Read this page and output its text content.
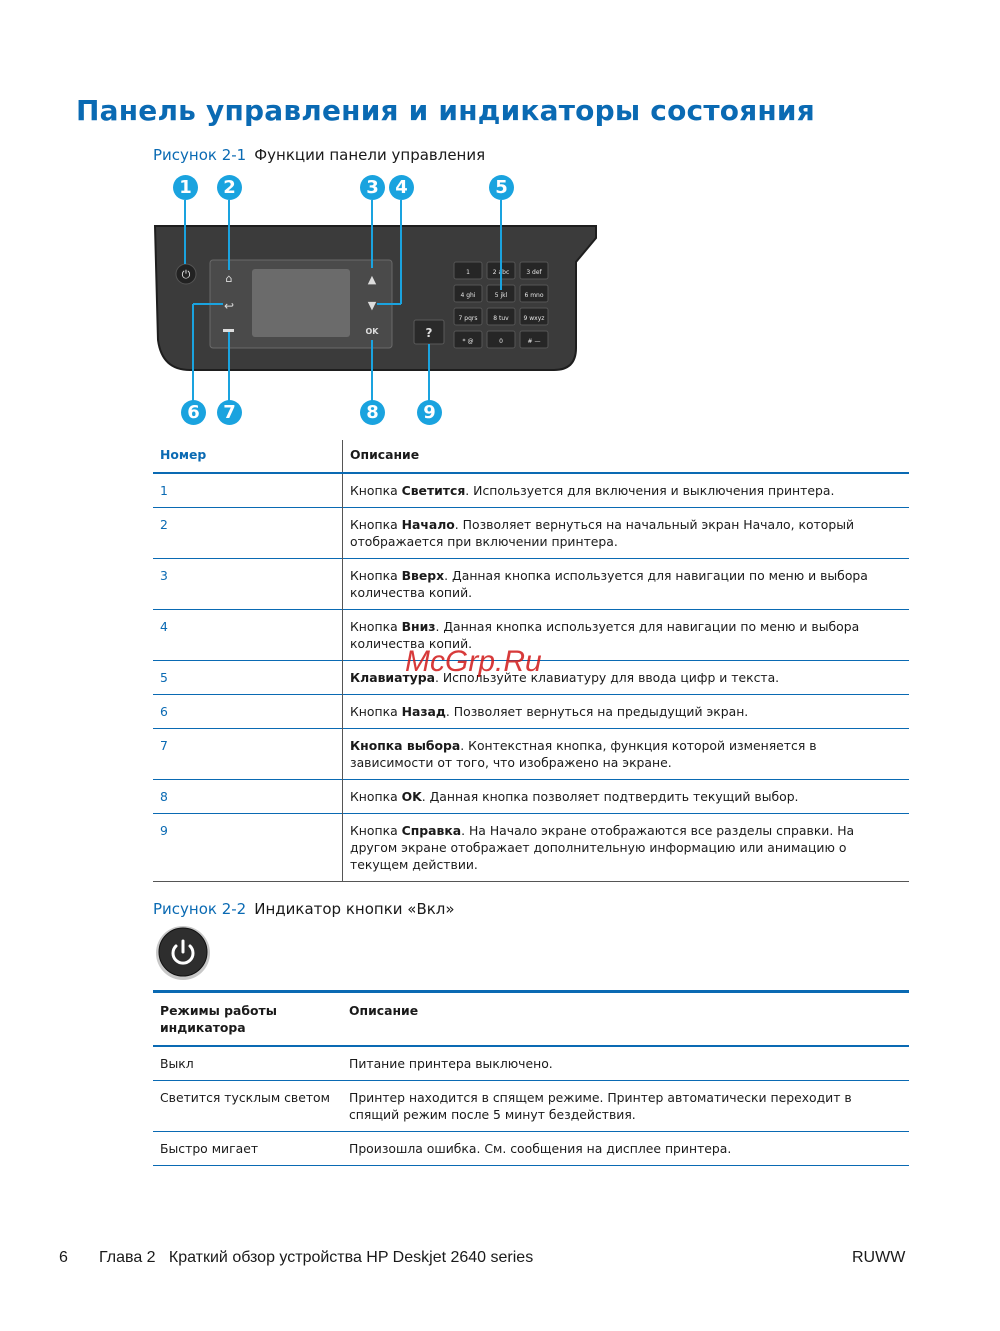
Панель управления и индикаторы состояния
Рисунок 2-1 Функции панели управления
⏻	⌂
↩
▲
▼
OK	?
1	2 abc	3 def
4 ghi	5 jkl	6 mno
7 pqrs	8 tuv 9 wxyz
* @	0	# —
1	2	3 4	5
6	7	8	9
Номер	Описание
1	Кнопка Светится. Используется для включения и выключения принтера.
2	Кнопка Начало. Позволяет вернуться на начальный экран Начало, который отображается при включении принтера.
3	Кнопка Вверх. Данная кнопка используется для навигации по меню и выбора количества копий.
4	Кнопка Вниз. Данная кнопка используется для навигации по меню и выбора количества копий.
5	Клавиатура. Используйте клавиатуру для ввода цифр и текста.
6	Кнопка Назад. Позволяет вернуться на предыдущий экран.
7	Кнопка выбора. Контекстная кнопка, функция которой изменяется в зависимости от того, что изображено на экране.
8	Кнопка OK. Данная кнопка позволяет подтвердить текущий выбор.
9	Кнопка Справка. На Начало экране отображаются все разделы справки. На другом экране отображает дополнительную информацию или анимацию о текущем действии.
McGrp.Ru
Рисунок 2-2 Индикатор кнопки «Вкл»
Режимы работы индикатора	Описание
Выкл	Питание принтера выключено.
Светится тусклым светом	Принтер находится в спящем режиме. Принтер автоматически переходит в спящий режим после 5 минут бездействия.
Быстро мигает	Произошла ошибка. См. сообщения на дисплее принтера.
6 Глава 2   Краткий обзор устройства HP Deskjet 2640 series	RUWW
